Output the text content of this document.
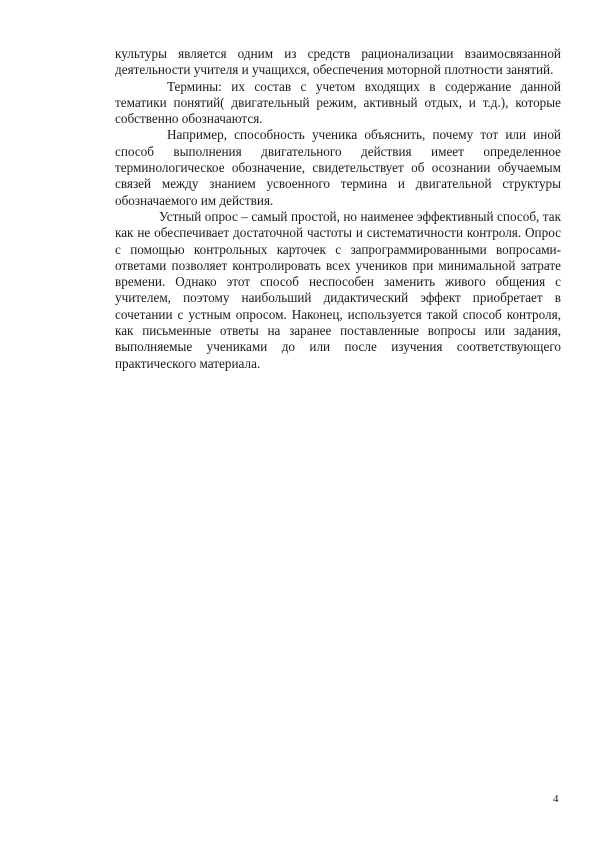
культуры является одним из средств рационализации взаимосвязанной деятельности учителя и учащихся, обеспечения моторной плотности занятий.

Термины: их состав с учетом входящих в содержание данной тематики понятий( двигательный режим, активный отдых, и т.д.), которые собственно обозначаются.

Например, способность ученика объяснить, почему тот или иной способ выполнения двигательного действия имеет определенное терминологическое обозначение, свидетельствует об осознании обучаемым связей между знанием усвоенного термина и двигательной структуры обозначаемого им действия.

Устный опрос – самый простой, но наименее эффективный способ, так как не обеспечивает достаточной частоты и систематичности контроля. Опрос с помощью контрольных карточек с запрограммированными вопросами-ответами позволяет контролировать всех учеников при минимальной затрате времени. Однако этот способ неспособен заменить живого общения с учителем, поэтому наибольший дидактический эффект приобретает в сочетании с устным опросом. Наконец, используется такой способ контроля, как письменные ответы на заранее поставленные вопросы или задания, выполняемые учениками до или после изучения соответствующего практического материала.

4
